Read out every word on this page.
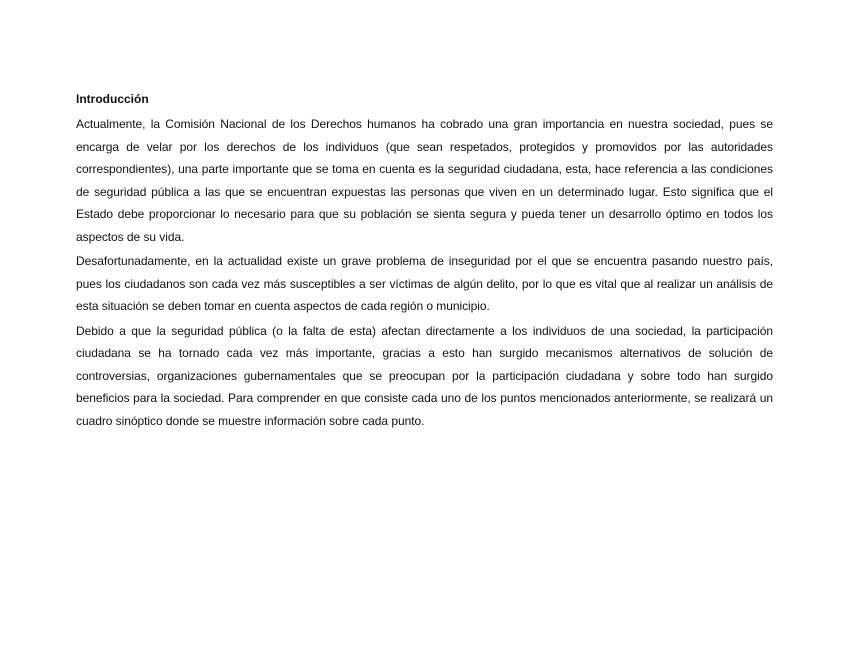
Introducción

Actualmente, la Comisión Nacional de los Derechos humanos ha cobrado una gran importancia en nuestra sociedad, pues se encarga de velar por los derechos de los individuos (que sean respetados, protegidos y promovidos por las autoridades correspondientes), una parte importante que se toma en cuenta es la seguridad ciudadana, esta, hace referencia a las condiciones de seguridad pública a las que se encuentran expuestas las personas que viven en un determinado lugar. Esto significa que el Estado debe proporcionar lo necesario para que su población se sienta segura y pueda tener un desarrollo óptimo en todos los aspectos de su vida.

Desafortunadamente, en la actualidad existe un grave problema de inseguridad por el que se encuentra pasando nuestro país, pues los ciudadanos son cada vez más susceptibles a ser víctimas de algún delito, por lo que es vital que al realizar un análisis de esta situación se deben tomar en cuenta aspectos de cada región o municipio.

Debido a que la seguridad pública (o la falta de esta) afectan directamente a los individuos de una sociedad, la participación ciudadana se ha tornado cada vez más importante, gracias a esto han surgido mecanismos alternativos de solución de controversias, organizaciones gubernamentales que se preocupan por la participación ciudadana y sobre todo han surgido beneficios para la sociedad. Para comprender en que consiste cada uno de los puntos mencionados anteriormente, se realizará un cuadro sinóptico donde se muestre información sobre cada punto.
